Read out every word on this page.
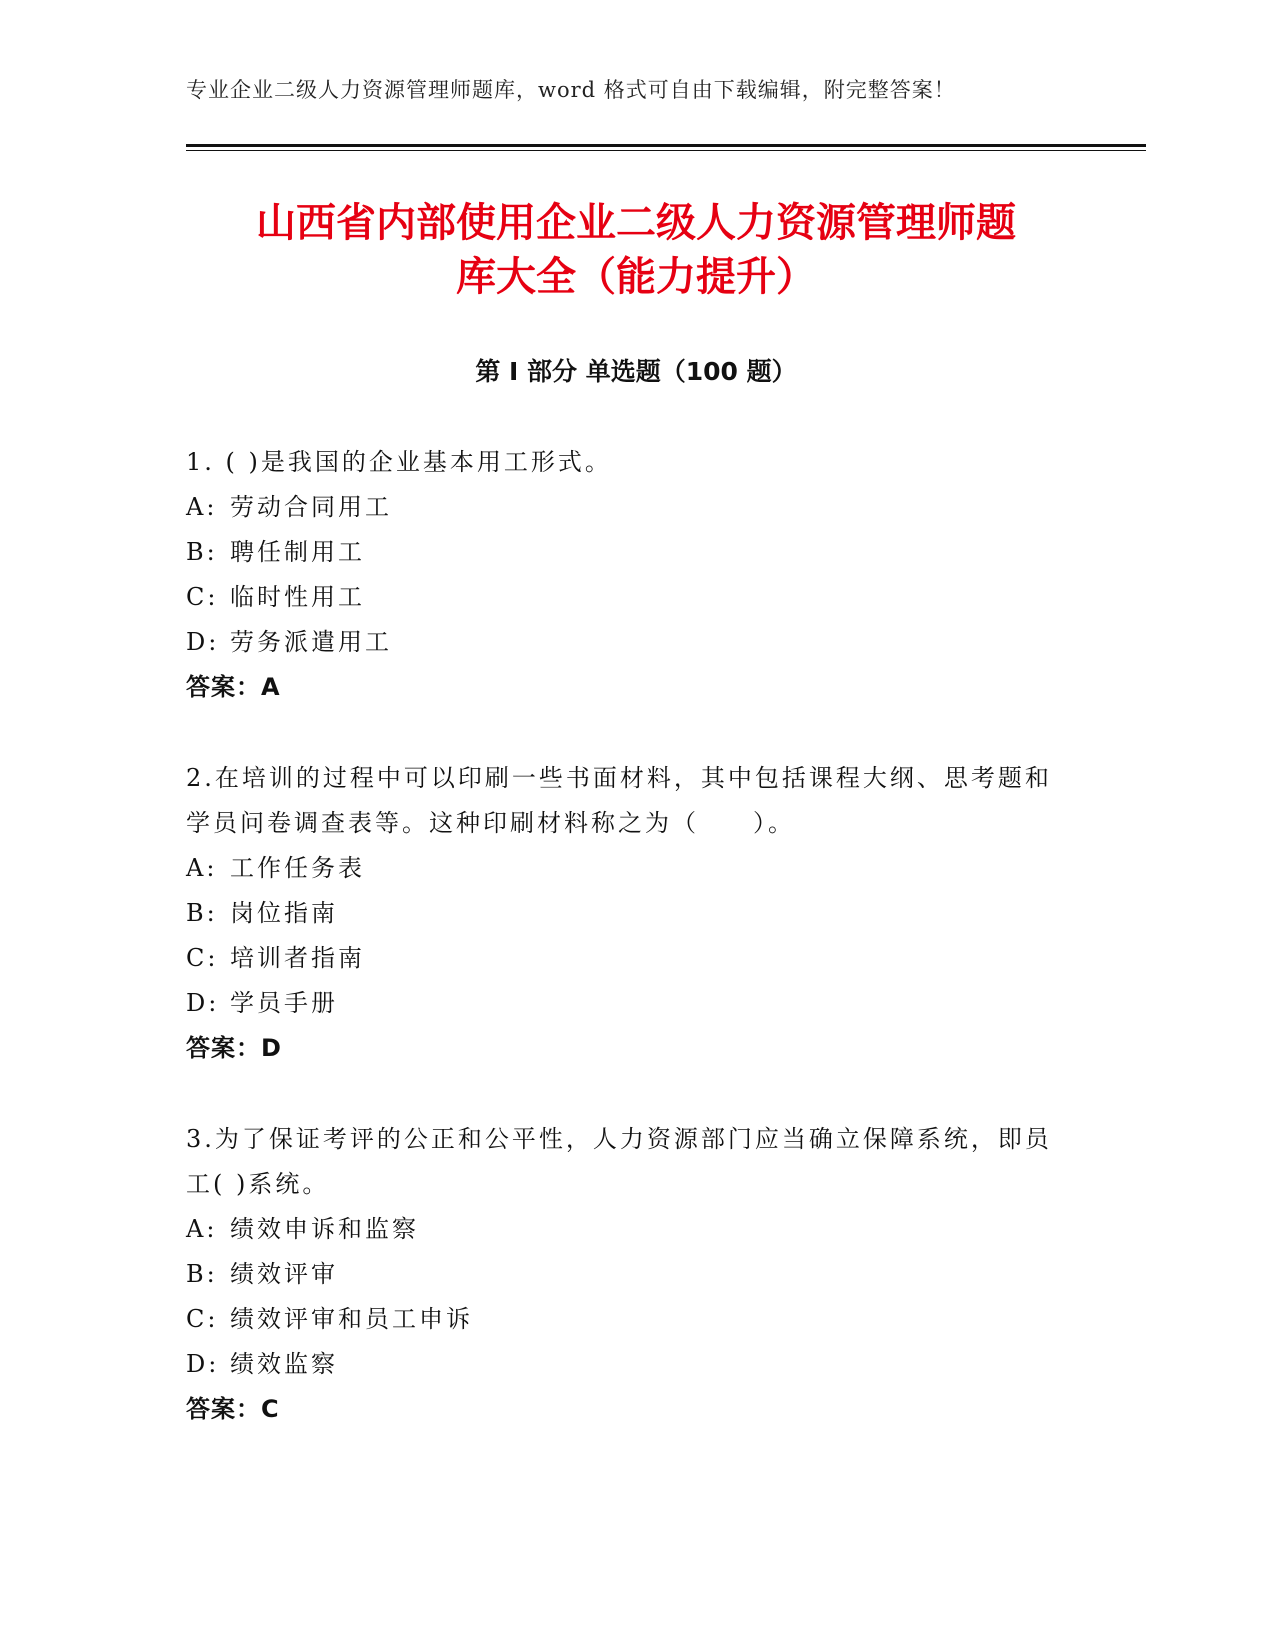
专业企业二级人力资源管理师题库，word 格式可自由下载编辑，附完整答案！
山西省内部使用企业二级人力资源管理师题
库大全（能力提升）
第 I 部分 单选题（100 题）
1. ( )是我国的企业基本用工形式。
A: 劳动合同用工
B: 聘任制用工
C: 临时性用工
D: 劳务派遣用工
答案：A
2.在培训的过程中可以印刷一些书面材料，其中包括课程大纲、思考题和学员问卷调查表等。这种印刷材料称之为（　　）。
A: 工作任务表
B: 岗位指南
C: 培训者指南
D: 学员手册
答案：D
3.为了保证考评的公正和公平性，人力资源部门应当确立保障系统，即员工( )系统。
A: 绩效申诉和监察
B: 绩效评审
C: 绩效评审和员工申诉
D: 绩效监察
答案：C
